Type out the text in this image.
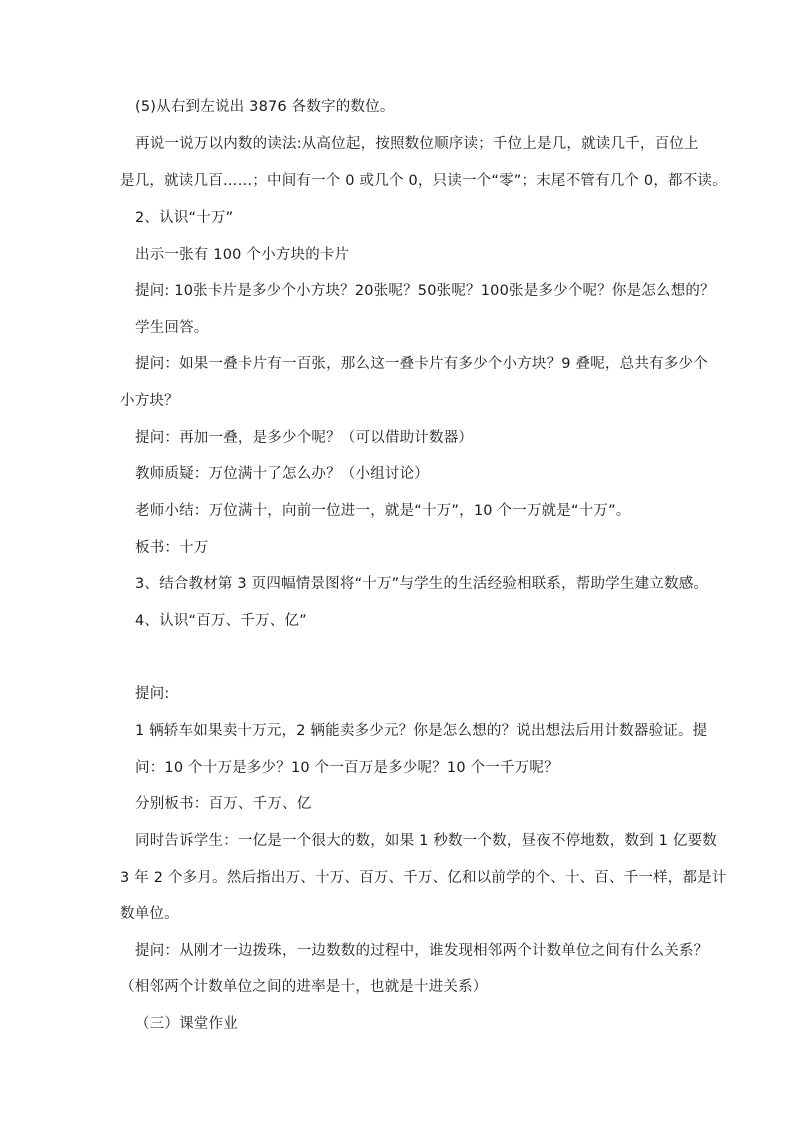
(5)从右到左说出 3876 各数字的数位。
再说一说万以内数的读法:从高位起，按照数位顺序读；千位上是几，就读几千，百位上
是几，就读几百……；中间有一个 0 或几个 0，只读一个“零”；末尾不管有几个 0，都不读。
2、认识“十万”
出示一张有 100 个小方块的卡片
提问: 10张卡片是多少个小方块？20张呢？50张呢？100张是多少个呢？你是怎么想的？
学生回答。
提问：如果一叠卡片有一百张，那么这一叠卡片有多少个小方块？9 叠呢，总共有多少个
小方块？
提问：再加一叠，是多少个呢？（可以借助计数器）
教师质疑：万位满十了怎么办？（小组讨论）
老师小结：万位满十，向前一位进一，就是“十万”，10 个一万就是“十万”。
板书：十万
3、结合教材第 3 页四幅情景图将“十万”与学生的生活经验相联系，帮助学生建立数感。
4、认识“百万、千万、亿”
提问:
1 辆轿车如果卖十万元，2 辆能卖多少元？你是怎么想的？说出想法后用计数器验证。提
问：10 个十万是多少？10 个一百万是多少呢？10 个一千万呢？
分别板书：百万、千万、亿
同时告诉学生：一亿是一个很大的数，如果 1 秒数一个数，昼夜不停地数，数到 1 亿要数
3 年 2 个多月。然后指出万、十万、百万、千万、亿和以前学的个、十、百、千一样，都是计
数单位。
提问：从刚才一边拨珠，一边数数的过程中，谁发现相邻两个计数单位之间有什么关系？
（相邻两个计数单位之间的进率是十，也就是十进关系）
（三）课堂作业
